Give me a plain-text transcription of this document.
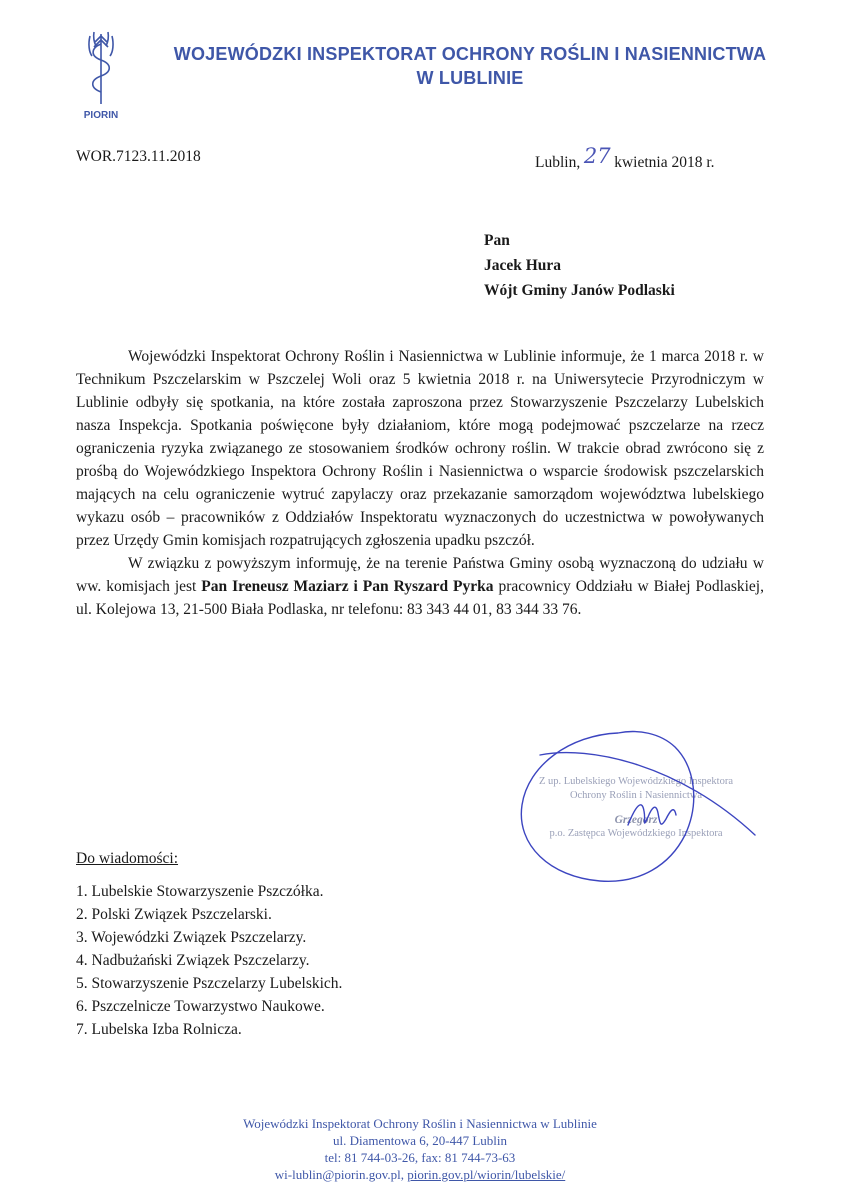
PIORIN
WOJEWÓDZKI INSPEKTORAT OCHRONY ROŚLIN I NASIENNICTWA
W LUBLINIE
WOR.7123.11.2018	Lublin, 27 kwietnia 2018 r.
Pan
Jacek Hura
Wójt Gminy Janów Podlaski

Wojewódzki Inspektorat Ochrony Roślin i Nasiennictwa w Lublinie informuje, że 1 marca 2018 r. w Technikum Pszczelarskim w Pszczelej Woli oraz 5 kwietnia 2018 r. na Uniwersytecie Przyrodniczym w Lublinie odbyły się spotkania, na które została zaproszona przez Stowarzyszenie Pszczelarzy Lubelskich nasza Inspekcja. Spotkania poświęcone były działaniom, które mogą podejmować pszczelarze na rzecz ograniczenia ryzyka związanego ze stosowaniem środków ochrony roślin. W trakcie obrad zwrócono się z prośbą do Wojewódzkiego Inspektora Ochrony Roślin i Nasiennictwa o wsparcie środowisk pszczelarskich mających na celu ograniczenie wytruć zapylaczy oraz przekazanie samorządom województwa lubelskiego wykazu osób – pracowników z Oddziałów Inspektoratu wyznaczonych do uczestnictwa w powoływanych przez Urzędy Gmin komisjach rozpatrujących zgłoszenia upadku pszczół.

W związku z powyższym informuję, że na terenie Państwa Gminy osobą wyznaczoną do udziału w ww. komisjach jest Pan Ireneusz Maziarz i Pan Ryszard Pyrka pracownicy Oddziału w Białej Podlaskiej, ul. Kolejowa 13, 21-500 Biała Podlaska, nr telefonu: 83 343 44 01, 83 344 33 76.

Z up. Lubelskiego Wojewódzkiego Inspektora
Ochrony Roślin i Nasiennictwa
Grzegorz
p.o. Zastępca Wojewódzkiego Inspektora
Do wiadomości:
1. Lubelskie Stowarzyszenie Pszczółka.
2. Polski Związek Pszczelarski.
3. Wojewódzki Związek Pszczelarzy.
4. Nadbużański Związek Pszczelarzy.
5. Stowarzyszenie Pszczelarzy Lubelskich.
6. Pszczelnicze Towarzystwo Naukowe.
7. Lubelska Izba Rolnicza.
Wojewódzki Inspektorat Ochrony Roślin i Nasiennictwa w Lublinie
ul. Diamentowa 6, 20-447 Lublin
tel: 81 744-03-26, fax: 81 744-73-63
wi-lublin@piorin.gov.pl, piorin.gov.pl/wiorin/lubelskie/
